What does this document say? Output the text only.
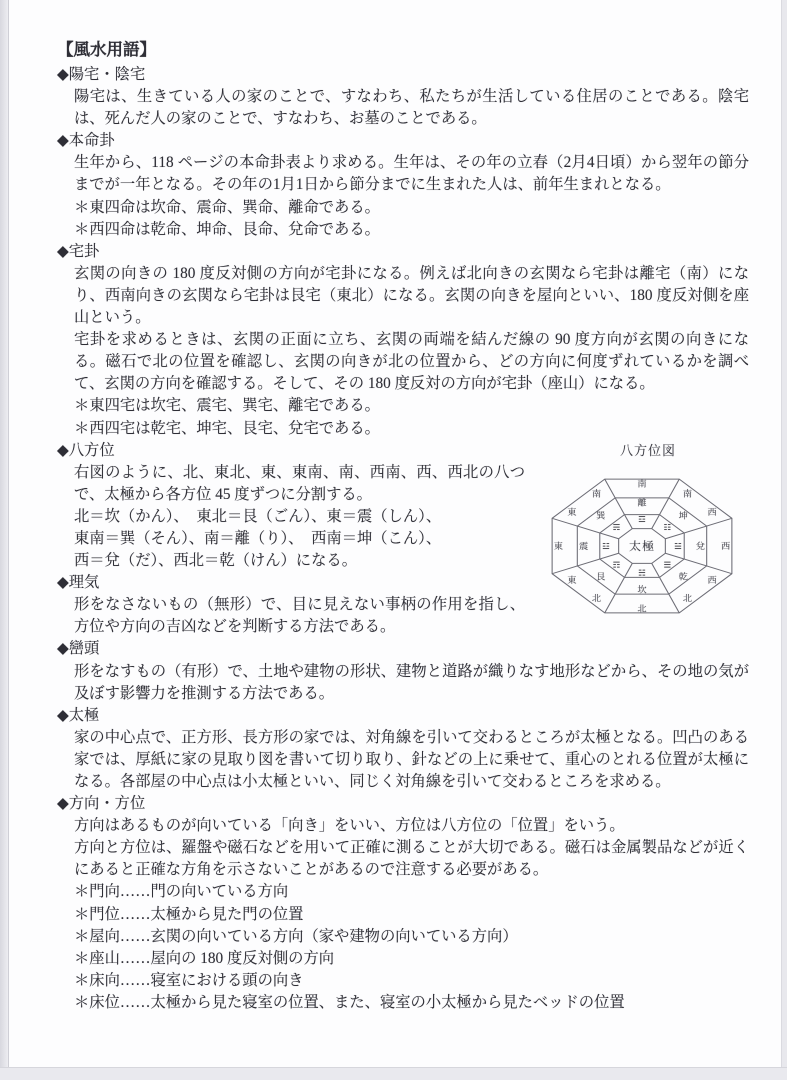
【風水用語】
◆陽宅・陰宅

陽宅は、生きている人の家のことで、すなわち、私たちが生活している住居のことである。陰宅は、死んだ人の家のことで、すなわち、お墓のことである。

◆本命卦

生年から、118 ページの本命卦表より求める。生年は、その年の立春（2月4日頃）から翌年の節分までが一年となる。その年の1月1日から節分までに生まれた人は、前年生まれとなる。

＊東四命は坎命、震命、巽命、離命である。
＊西四命は乾命、坤命、艮命、兌命である。
◆宅卦

玄関の向きの 180 度反対側の方向が宅卦になる。例えば北向きの玄関なら宅卦は離宅（南）になり、西南向きの玄関なら宅卦は艮宅（東北）になる。玄関の向きを屋向といい、180 度反対側を座山という。

宅卦を求めるときは、玄関の正面に立ち、玄関の両端を結んだ線の 90 度方向が玄関の向きになる。磁石で北の位置を確認し、玄関の向きが北の位置から、どの方向に何度ずれているかを調べて、玄関の方向を確認する。そして、その 180 度反対の方向が宅卦（座山）になる。

＊東四宅は坎宅、震宅、巽宅、離宅である。
＊西四宅は乾宅、坤宅、艮宅、兌宅である。
八方位図
南
北
東	西
南
西
北
西
北
東
南
東
離
坤
兌
乾
坎
艮
震
巽	☲
☷
☱
☰
☵
☶
☳
☴
太極
◆八方位

右図のように、北、東北、東、東南、南、西南、西、西北の八つで、太極から各方位 45 度ずつに分割する。

北＝坎（かん）、　東北＝艮（ごん）、東＝震（しん）、
東南＝巽（そん）、南＝離（り）、　西南＝坤（こん）、
西＝兌（だ）、西北＝乾（けん）になる。
◆理気

形をなさないもの（無形）で、目に見えない事柄の作用を指し、方位や方向の吉凶などを判断する方法である。

◆巒頭

形をなすもの（有形）で、土地や建物の形状、建物と道路が織りなす地形などから、その地の気が及ぼす影響力を推測する方法である。

◆太極

家の中心点で、正方形、長方形の家では、対角線を引いて交わるところが太極となる。凹凸のある家では、厚紙に家の見取り図を書いて切り取り、針などの上に乗せて、重心のとれる位置が太極になる。各部屋の中心点は小太極といい、同じく対角線を引いて交わるところを求める。

◆方向・方位

方向はあるものが向いている「向き」をいい、方位は八方位の「位置」をいう。

方向と方位は、羅盤や磁石などを用いて正確に測ることが大切である。磁石は金属製品などが近くにあると正確な方角を示さないことがあるので注意する必要がある。

＊門向……門の向いている方向
＊門位……太極から見た門の位置
＊屋向……玄関の向いている方向（家や建物の向いている方向）
＊座山……屋向の 180 度反対側の方向
＊床向……寝室における頭の向き
＊床位……太極から見た寝室の位置、また、寝室の小太極から見たベッドの位置
